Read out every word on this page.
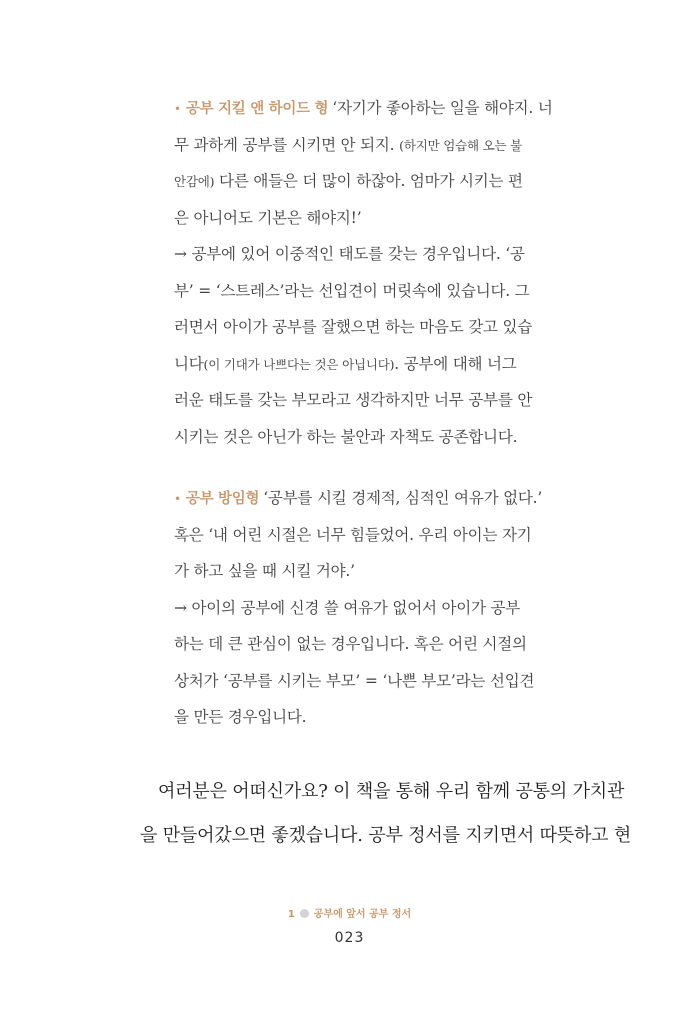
• 공부 지킬 앤 하이드 형 ‘자기가 좋아하는 일을 해야지. 너
무 과하게 공부를 시키면 안 되지. (하지만 엄습해 오는 불
안감에) 다른 애들은 더 많이 하잖아. 엄마가 시키는 편
은 아니어도 기본은 해야지!’
→ 공부에 있어 이중적인 태도를 갖는 경우입니다. ‘공
부’ = ‘스트레스’라는 선입견이 머릿속에 있습니다. 그
러면서 아이가 공부를 잘했으면 하는 마음도 갖고 있습
니다(이 기대가 나쁘다는 것은 아닙니다). 공부에 대해 너그
러운 태도를 갖는 부모라고 생각하지만 너무 공부를 안
시키는 것은 아닌가 하는 불안과 자책도 공존합니다.
• 공부 방임형 ‘공부를 시킬 경제적, 심적인 여유가 없다.’
혹은 ‘내 어린 시절은 너무 힘들었어. 우리 아이는 자기
가 하고 싶을 때 시킬 거야.’
→ 아이의 공부에 신경 쓸 여유가 없어서 아이가 공부
하는 데 큰 관심이 없는 경우입니다. 혹은 어린 시절의
상처가 ‘공부를 시키는 부모’ = ‘나쁜 부모’라는 선입견
을 만든 경우입니다.
여러분은 어떠신가요? 이 책을 통해 우리 함께 공통의 가치관
을 만들어갔으면 좋겠습니다. 공부 정서를 지키면서 따뜻하고 현
1 공부에 앞서 공부 정서
023
